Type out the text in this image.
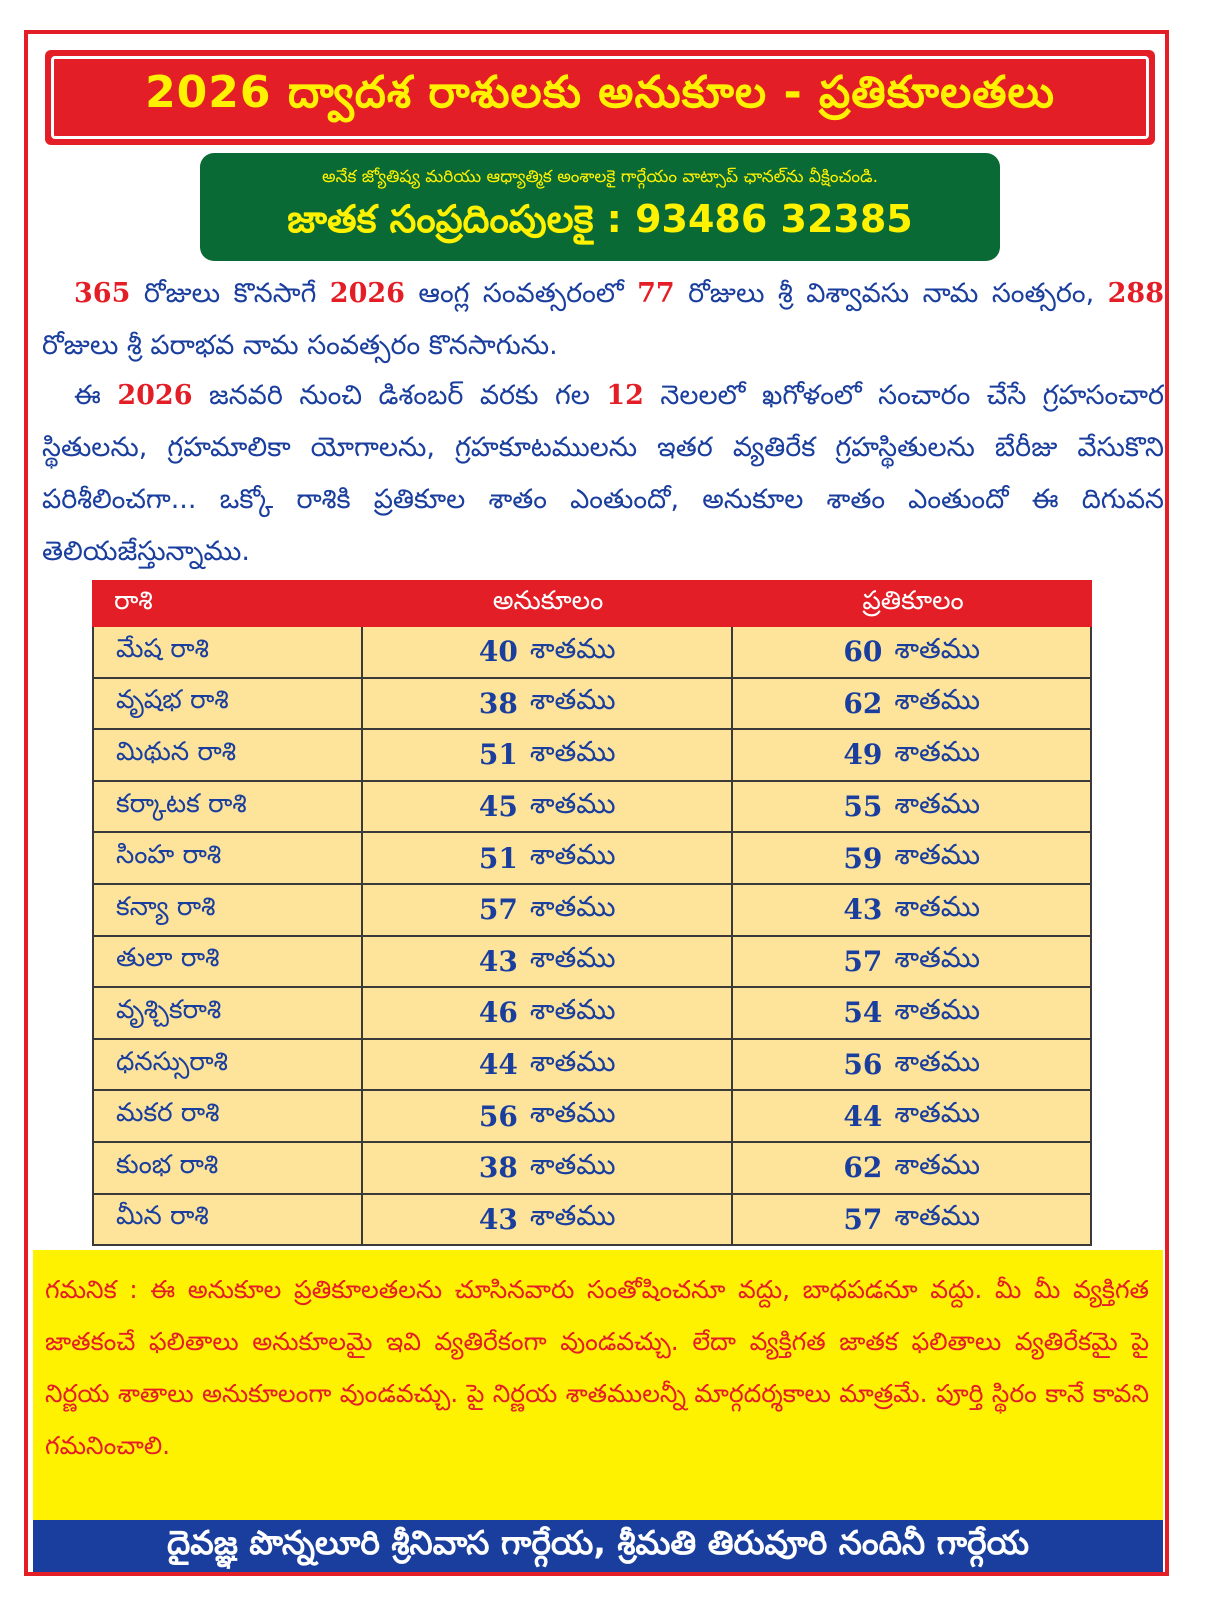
2026 ద్వాదశ రాశులకు అనుకూల - ప్రతికూలతలు
అనేక జ్యోతిష్య మరియు ఆధ్యాత్మిక అంశాలకై గార్గేయం వాట్సాప్ ఛానల్‌ను వీక్షించండి.
జాతక సంప్రదింపులకై : 93486 32385
365 రోజులు కొనసాగే 2026 ఆంగ్ల సంవత్సరంలో 77 రోజులు శ్రీ విశ్వావసు నామ సంత్సరం, 288 రోజులు శ్రీ పరాభవ నామ సంవత్సరం కొనసాగును.
ఈ 2026 జనవరి నుంచి డిశంబర్ వరకు గల 12 నెలలలో ఖగోళంలో సంచారం చేసే గ్రహసంచార స్థితులను, గ్రహమాలికా యోగాలను, గ్రహకూటములను ఇతర వ్యతిరేక గ్రహస్థితులను బేరీజు వేసుకొని పరిశీలించగా... ఒక్కో రాశికి ప్రతికూల శాతం ఎంతుందో, అనుకూల శాతం ఎంతుందో ఈ దిగువన తెలియజేస్తున్నాము.
రాశి	అనుకూలం	ప్రతికూలం
మేష రాశి	40 శాతము	60 శాతము
వృషభ రాశి	38 శాతము	62 శాతము
మిథున రాశి	51 శాతము	49 శాతము
కర్కాటక రాశి	45 శాతము	55 శాతము
సింహ రాశి	51 శాతము	59 శాతము
కన్యా రాశి	57 శాతము	43 శాతము
తులా రాశి	43 శాతము	57 శాతము
వృశ్చికరాశి	46 శాతము	54 శాతము
ధనస్సురాశి	44 శాతము	56 శాతము
మకర రాశి	56 శాతము	44 శాతము
కుంభ రాశి	38 శాతము	62 శాతము
మీన రాశి	43 శాతము	57 శాతము
గమనిక : ఈ అనుకూల ప్రతికూలతలను చూసినవారు సంతోషించనూ వద్దు, బాధపడనూ వద్దు. మీ మీ వ్యక్తిగత జాతకంచే ఫలితాలు అనుకూలమై ఇవి వ్యతిరేకంగా వుండవచ్చు. లేదా వ్యక్తిగత జాతక ఫలితాలు వ్యతిరేకమై పై నిర్ణయ శాతాలు అనుకూలంగా వుండవచ్చు. పై నిర్ణయ శాతములన్నీ మార్గదర్శకాలు మాత్రమే. పూర్తి స్థిరం కానే కావని గమనించాలి.
దైవజ్ఞ పొన్నలూరి శ్రీనివాస గార్గేయ, శ్రీమతి తిరువూరి నందినీ గార్గేయ
